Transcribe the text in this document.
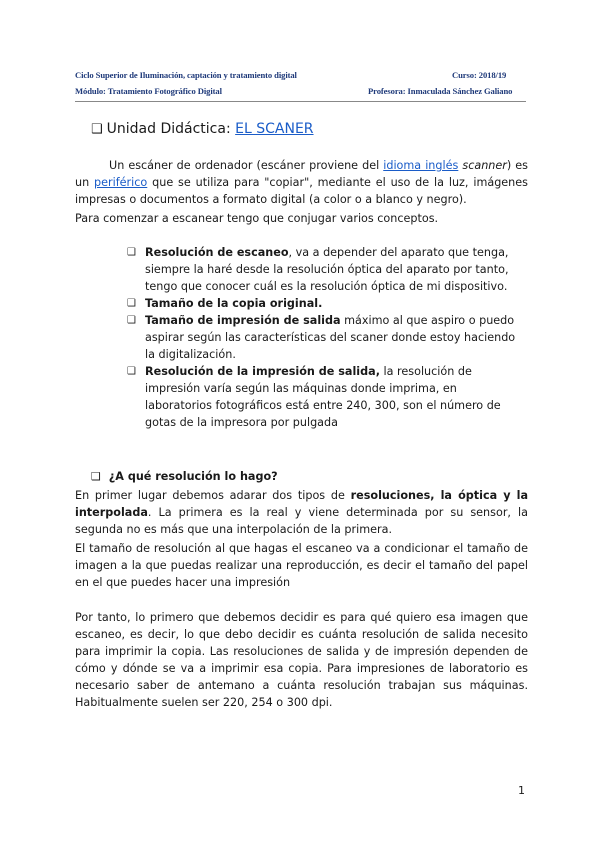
Ciclo Superior de Iluminación, captación y tratamiento digital	Curso: 2018/19
Módulo: Tratamiento Fotográfico Digital	Profesora: Inmaculada Sánchez Galiano
❑ Unidad Didáctica: EL SCANER
Un escáner de ordenador (escáner proviene del idioma inglés scanner) es un periférico que se utiliza para "copiar", mediante el uso de la luz, imágenes impresas o documentos a formato digital (a color o a blanco y negro).
Para comenzar a escanear tengo que conjugar varios conceptos.
❑ Resolución de escaneo, va a depender del aparato que tenga, siempre la haré desde la resolución óptica del aparato por tanto, tengo que conocer cuál es la resolución óptica de mi dispositivo.
❑ Tamaño de la copia original.
❑ Tamaño de impresión de salida máximo al que aspiro o puedo aspirar según las características del scaner donde estoy haciendo la digitalización.
❑ Resolución de la impresión de salida, la resolución de impresión varía según las máquinas donde imprima, en laboratorios fotográficos está entre 240, 300, son el número de gotas de la impresora por pulgada
❑ ¿A qué resolución lo hago?
En primer lugar debemos adarar dos tipos de resoluciones, la óptica y la interpolada. La primera es la real y viene determinada por su sensor, la segunda no es más que una interpolación de la primera.
El tamaño de resolución al que hagas el escaneo va a condicionar el tamaño de imagen a la que puedas realizar una reproducción, es decir el tamaño del papel en el que puedes hacer una impresión
Por tanto, lo primero que debemos decidir es para qué quiero esa imagen que escaneo, es decir, lo que debo decidir es cuánta resolución de salida necesito para imprimir la copia. Las resoluciones de salida y de impresión dependen de cómo y dónde se va a imprimir esa copia. Para impresiones de laboratorio es necesario saber de antemano a cuánta resolución trabajan sus máquinas. Habitualmente suelen ser 220, 254 o 300 dpi.
1
